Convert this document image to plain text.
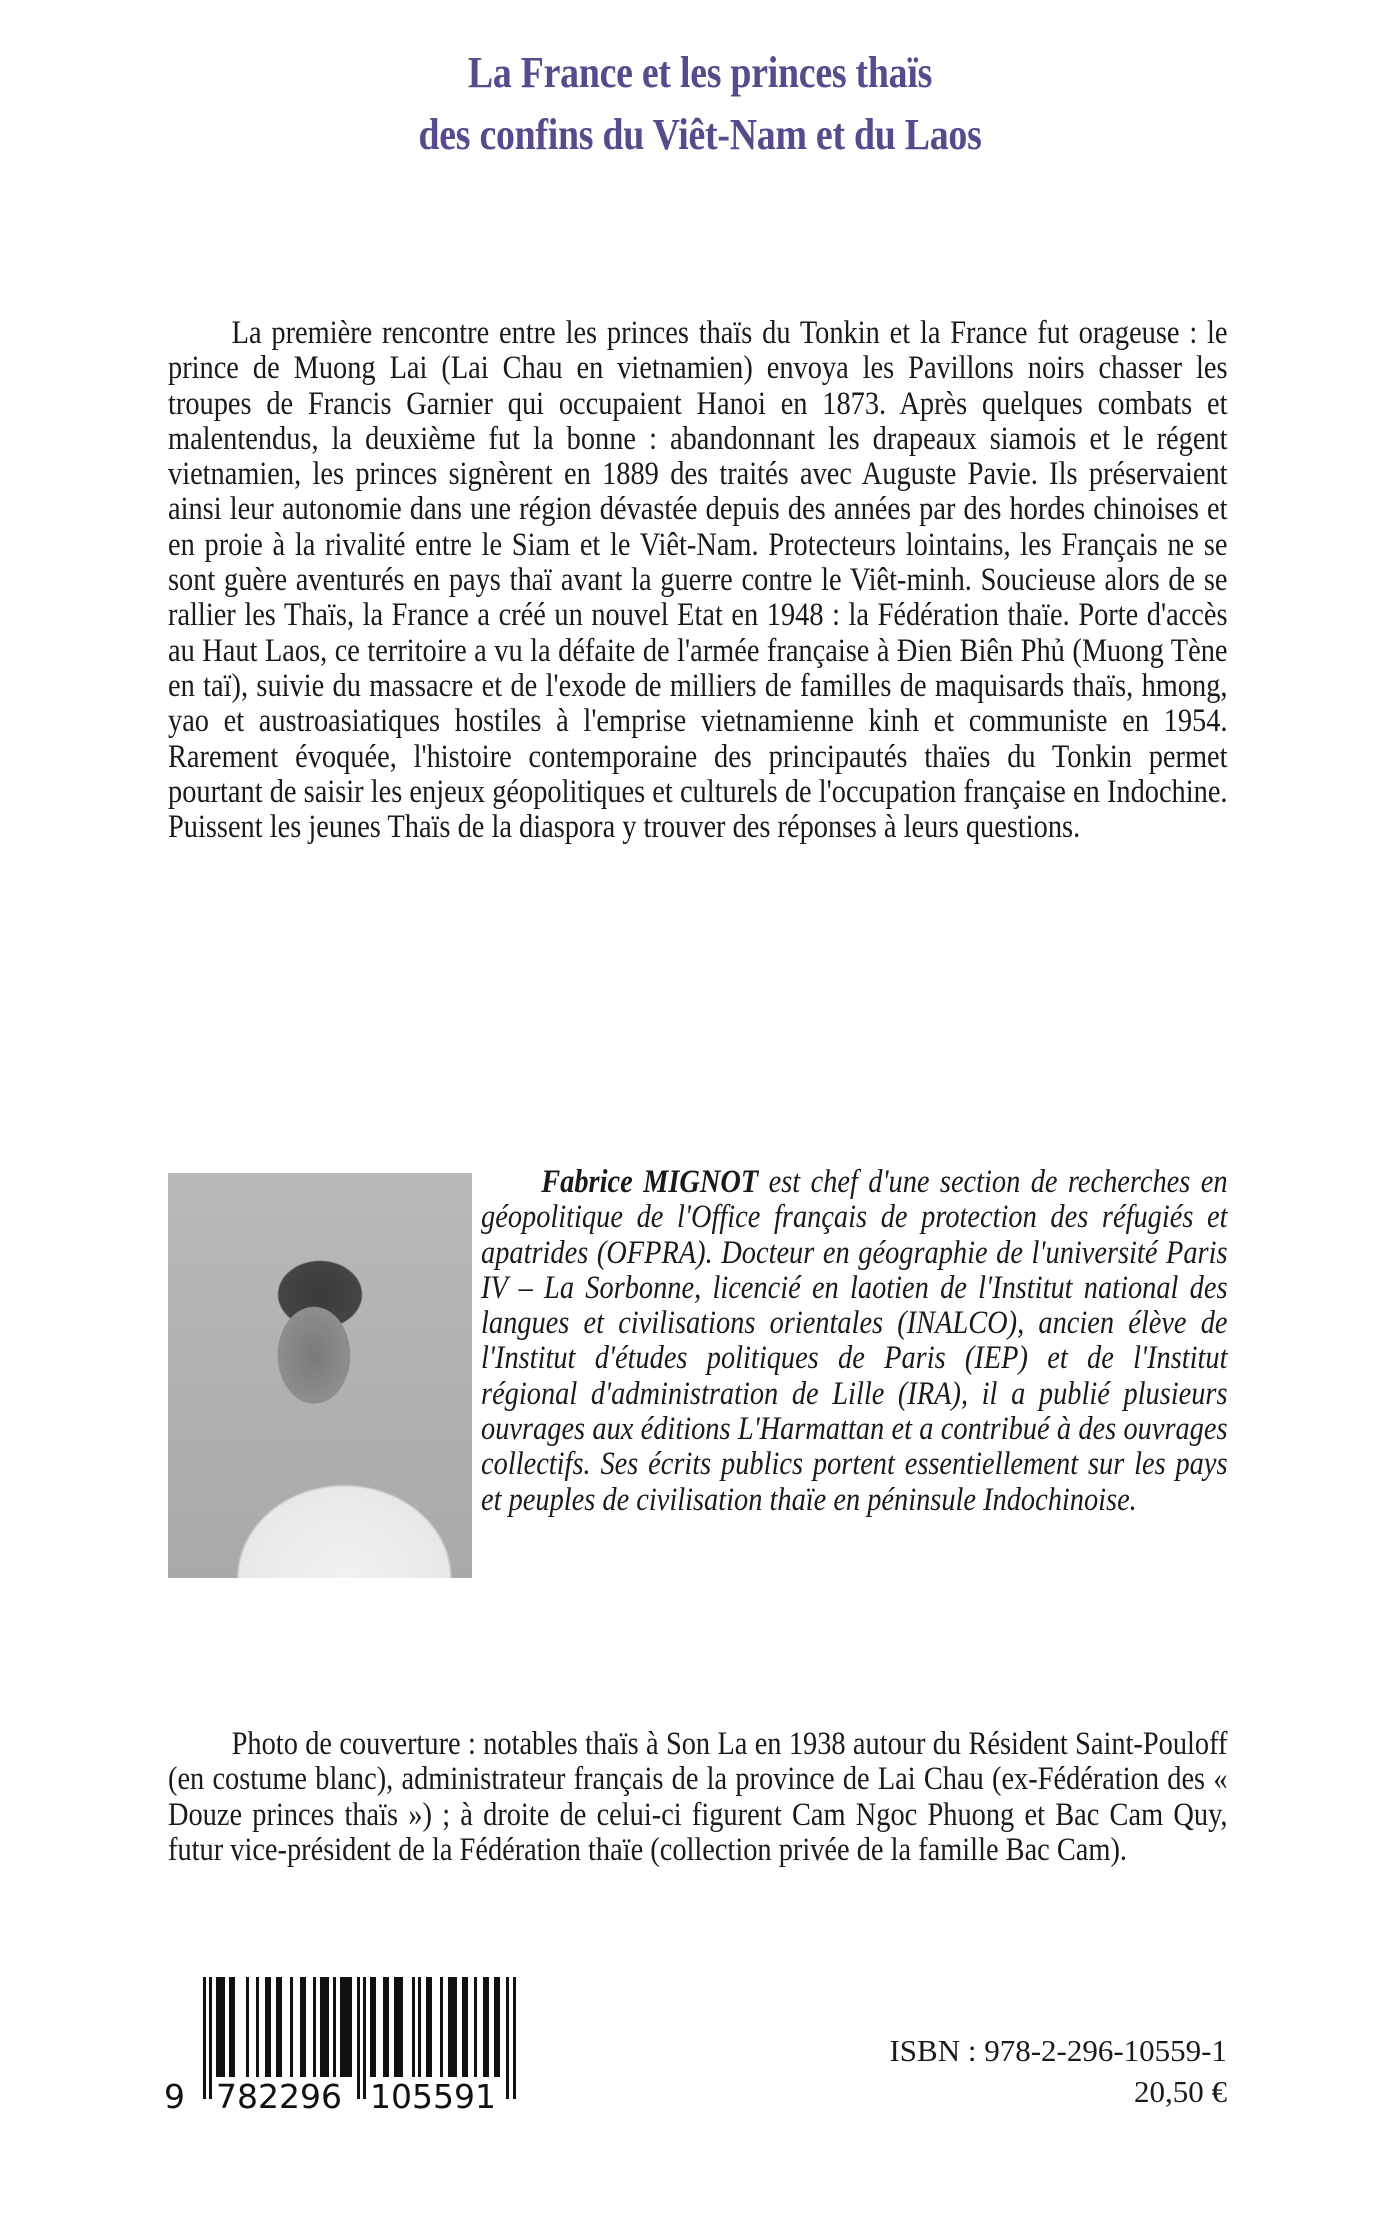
La France et les princes thaïs
des confins du Viêt-Nam et du Laos

La première rencontre entre les princes thaïs du Tonkin et la France fut orageuse : le prince de Muong Lai (Lai Chau en vietnamien) envoya les Pavillons noirs chasser les troupes de Francis Garnier qui occupaient Hanoi en 1873. Après quelques combats et malentendus, la deuxième fut la bonne : abandonnant les drapeaux siamois et le régent vietnamien, les princes signèrent en 1889 des traités avec Auguste Pavie. Ils préservaient ainsi leur autonomie dans une région dévastée depuis des années par des hordes chinoises et en proie à la rivalité entre le Siam et le Viêt-Nam. Protecteurs lointains, les Français ne se sont guère aventurés en pays thaï avant la guerre contre le Viêt-minh. Soucieuse alors de se rallier les Thaïs, la France a créé un nouvel Etat en 1948 : la Fédération thaïe. Porte d'accès au Haut Laos, ce territoire a vu la défaite de l'armée française à Ðien Biên Phủ (Muong Tène en taï), suivie du massacre et de l'exode de milliers de familles de maquisards thaïs, hmong, yao et austroasiatiques hostiles à l'emprise vietnamienne kinh et communiste en 1954. Rarement évoquée, l'histoire contemporaine des principautés thaïes du Tonkin permet pourtant de saisir les enjeux géopolitiques et culturels de l'occupation française en Indochine. Puissent les jeunes Thaïs de la diaspora y trouver des réponses à leurs questions.

Fabrice MIGNOT est chef d'une section de recherches en géopolitique de l'Office français de protection des réfugiés et apatrides (OFPRA). Docteur en géographie de l'université Paris IV – La Sorbonne, licencié en laotien de l'Institut national des langues et civilisations orientales (INALCO), ancien élève de l'Institut d'études politiques de Paris (IEP) et de l'Institut régional d'administration de Lille (IRA), il a publié plusieurs ouvrages aux éditions L'Harmattan et a contribué à des ouvrages collectifs. Ses écrits publics portent essentiellement sur les pays et peuples de civilisation thaïe en péninsule Indochinoise.

Photo de couverture : notables thaïs à Son La en 1938 autour du Résident Saint-Pouloff (en costume blanc), administrateur français de la province de Lai Chau (ex-Fédération des « Douze princes thaïs ») ; à droite de celui-ci figurent Cam Ngoc Phuong et Bac Cam Quy, futur vice-président de la Fédération thaïe (collection privée de la famille Bac Cam).

9 782296 105591
ISBN : 978-2-296-10559-1
20,50 €
